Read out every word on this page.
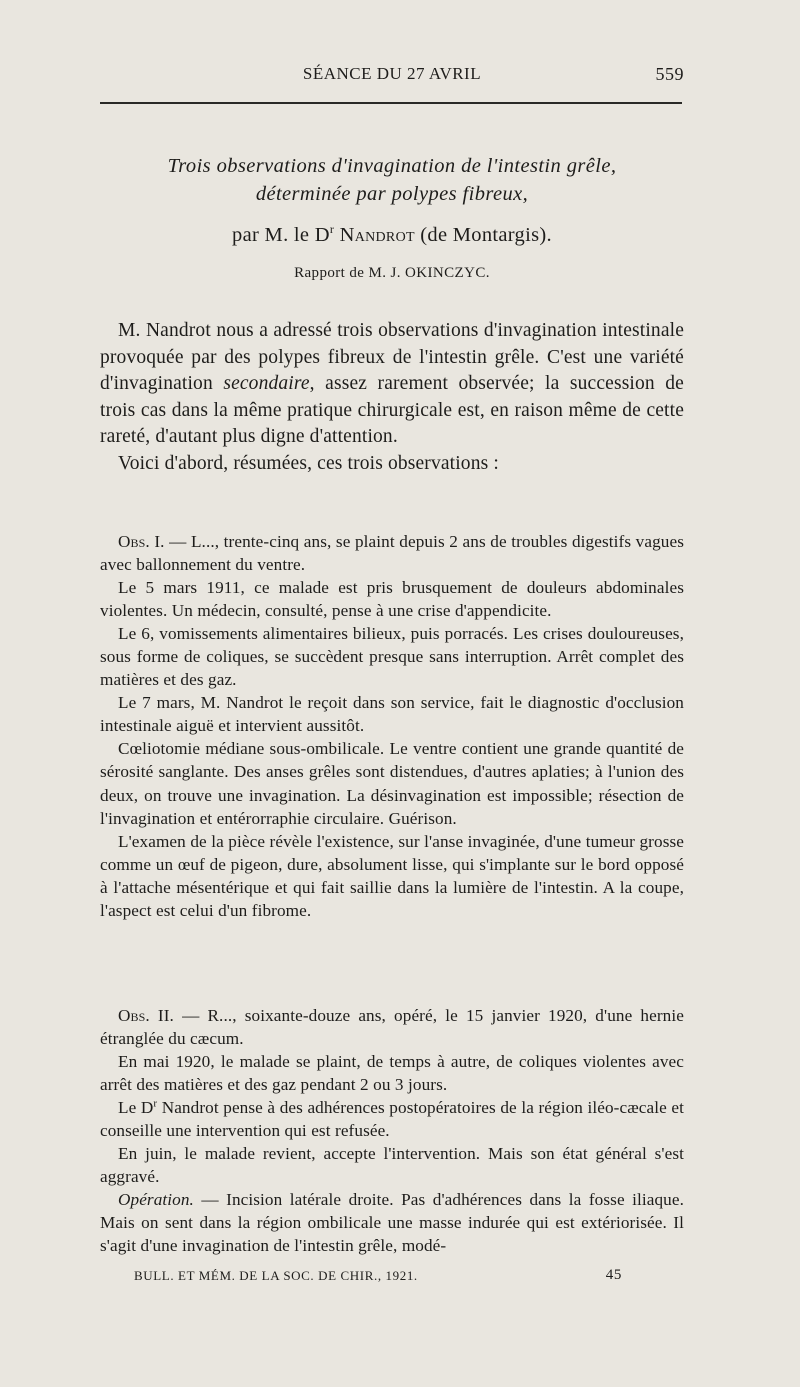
SÉANCE DU 27 AVRIL	559
Trois observations d'invagination de l'intestin grêle,
déterminée par polypes fibreux,
par M. le $D^r$ Nandrot (de Montargis).
Rapport de M. J. OKINCZYC.

M. Nandrot nous a adressé trois observations d'invagination intestinale provoquée par des polypes fibreux de l'intestin grêle. C'est une variété d'invagination secondaire, assez rarement observée; la succession de trois cas dans la même pratique chirurgicale est, en raison même de cette rareté, d'autant plus digne d'attention.

Voici d'abord, résumées, ces trois observations :

Obs. I. — L..., trente-cinq ans, se plaint depuis 2 ans de troubles digestifs vagues avec ballonnement du ventre.

Le 5 mars 1911, ce malade est pris brusquement de douleurs abdominales violentes. Un médecin, consulté, pense à une crise d'appendicite.

Le 6, vomissements alimentaires bilieux, puis porracés. Les crises douloureuses, sous forme de coliques, se succèdent presque sans interruption. Arrêt complet des matières et des gaz.

Le 7 mars, M. Nandrot le reçoit dans son service, fait le diagnostic d'occlusion intestinale aiguë et intervient aussitôt.

Cœliotomie médiane sous-ombilicale. Le ventre contient une grande quantité de sérosité sanglante. Des anses grêles sont distendues, d'autres aplaties; à l'union des deux, on trouve une invagination. La désinvagination est impossible; résection de l'invagination et entérorraphie circulaire. Guérison.

L'examen de la pièce révèle l'existence, sur l'anse invaginée, d'une tumeur grosse comme un œuf de pigeon, dure, absolument lisse, qui s'implante sur le bord opposé à l'attache mésentérique et qui fait saillie dans la lumière de l'intestin. A la coupe, l'aspect est celui d'un fibrome.

Obs. II. — R..., soixante-douze ans, opéré, le 15 janvier 1920, d'une hernie étranglée du cæcum.

En mai 1920, le malade se plaint, de temps à autre, de coliques violentes avec arrêt des matières et des gaz pendant 2 ou 3 jours.

Le $D^r$ Nandrot pense à des adhérences postopératoires de la région iléo-cæcale et conseille une intervention qui est refusée.

En juin, le malade revient, accepte l'intervention. Mais son état général s'est aggravé.

Opération. — Incision latérale droite. Pas d'adhérences dans la fosse iliaque. Mais on sent dans la région ombilicale une masse indurée qui est extériorisée. Il s'agit d'une invagination de l'intestin grêle, modé-

BULL. ET MÉM. DE LA SOC. DE CHIR., 1921.	45
